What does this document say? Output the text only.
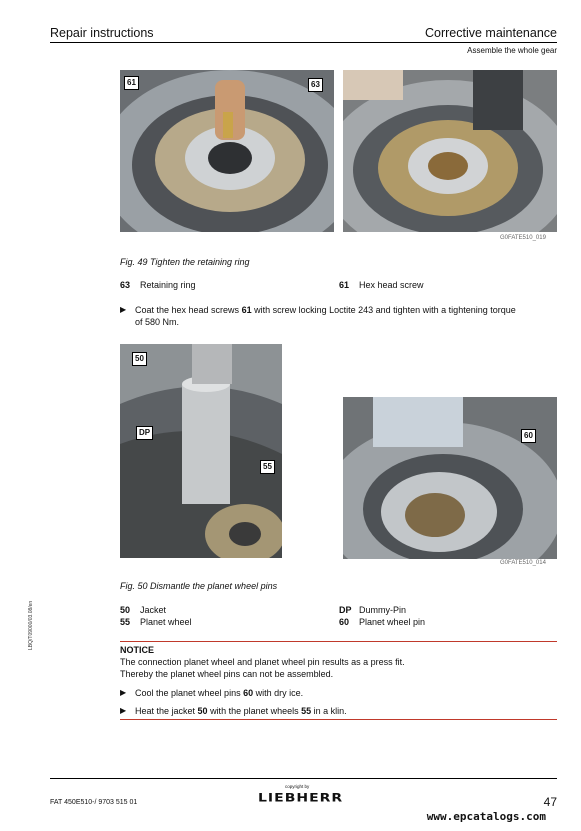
Repair instructions	Corrective maintenance
Assemble the whole gear
61	63
G0FATE510_019
Fig. 49 Tighten the retaining ring
63 Retaining ring	61 Hex head screw
▶ Coat the hex head screws 61 with screw locking Loctite 243 and tighten with a tightening torque
of 580 Nm.
50
DP
55
60
G0FATE510_014
Fig. 50 Dismantle the planet wheel pins
50 Jacket	DP Dummy-Pin
55 Planet wheel	60 Planet wheel pin
NOTICE
The connection planet wheel and planet wheel pin results as a press fit.
Thereby the planet wheel pins can not be assembled.
▶ Cool the planet wheel pins 60 with dry ice.
▶ Heat the jacket 50 with the planet wheels 55 in a klin.
LBQ/T09000/03.08/en
FAT 450E510-/ 9703 515 01
copyright by
LIEBHERR	47
www.epcatalogs.com
